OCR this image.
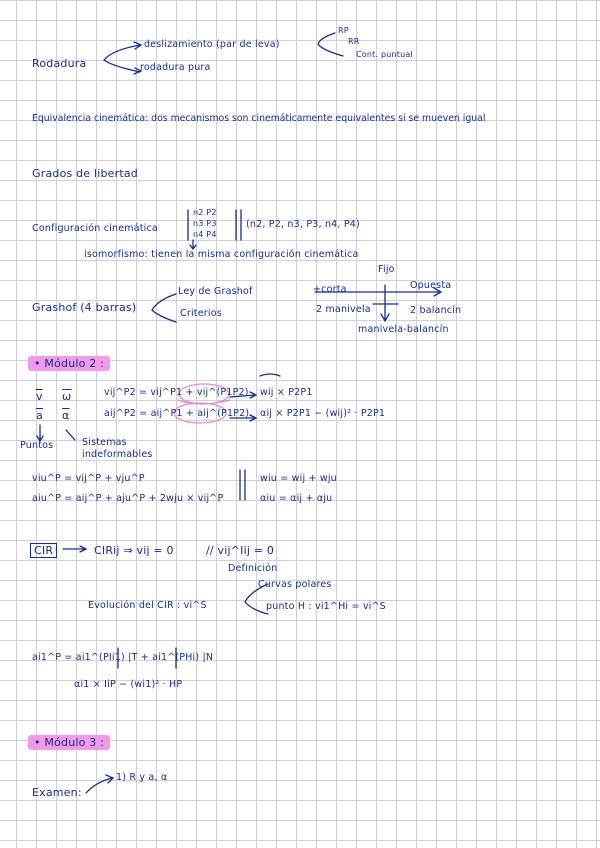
Rodadura
deslizamiento (par de leva)
rodadura pura
RP
RR
Cont. puntual
Equivalencia cinemática: dos mecanismos son cinemáticamente equivalentes si se mueven igual
Grados de libertad
Configuración cinemática
n2 P2
n3 P3
n4 P4
(n2, P2, n3, P3, n4, P4)
isomorfismo: tienen la misma configuración cinemática
Grashof (4 barras)
Ley de Grashof
Criterios
Fijo
+corta	Opuesta
2 manivela	2 balancín
manivela-balancín
• Módulo 2 :
$\overline{v}$ $\overline{\omega}$
$\overline{a}$ $\overline{\alpha}$
Puntos	Sistemas
indeformables
vij^P2 = vij^P1 + vij^(P1P2) wij × P2P1
aij^P2 = aij^P1 + aij^(P1P2) αij × P2P1 − (wij)² · P2P1
viu^P = vij^P + vju^P	wiu = wij + wju
aiu^P = aij^P + aju^P + 2wju × vij^P	αiu = αij + αju
CIR	CIRij ⇒ vij = 0	// vij^Iij = 0
Definición
Evolución del CIR : vi^S
Curvas polares
punto H : vi1^Hi = vi^S
ai1^P = ai1^(PIi1) |T + ai1^(PHi) |N
αi1 × IiP − (wi1)² · HP
• Módulo 3 :
Examen:
1) R y a, α
